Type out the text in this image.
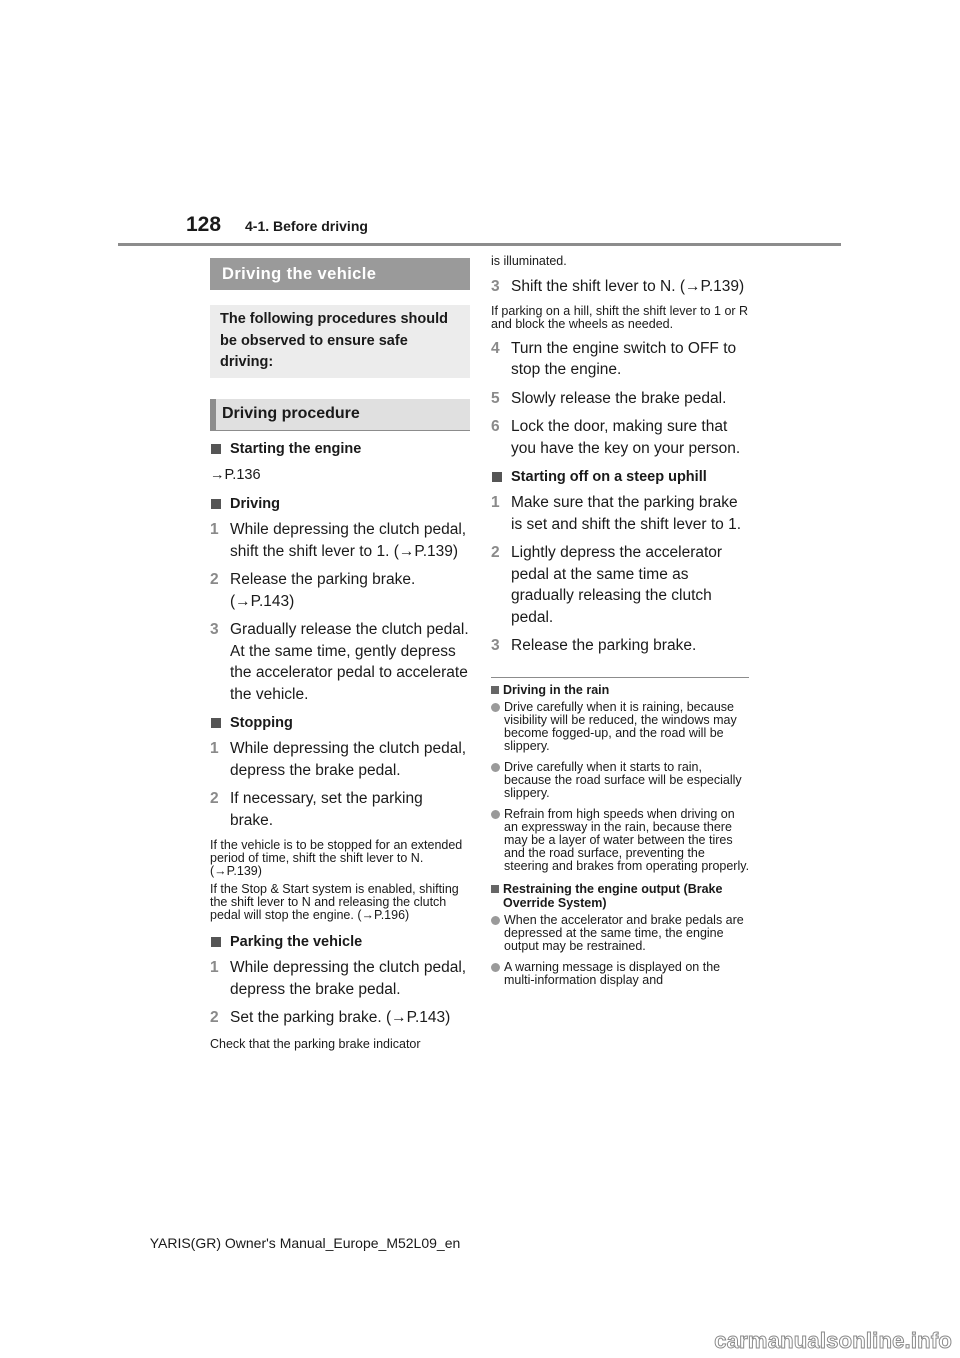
128 4-1. Before driving
Driving the vehicle
The following procedures should be observed to ensure safe driving:
Driving procedure
Starting the engine
→P.136
Driving
1 While depressing the clutch pedal, shift the shift lever to 1. (→P.139)
2 Release the parking brake. (→P.143)
3 Gradually release the clutch pedal. At the same time, gently depress the accelerator pedal to accelerate the vehicle.
Stopping
1 While depressing the clutch pedal, depress the brake pedal.
2 If necessary, set the parking brake.
If the vehicle is to be stopped for an extended period of time, shift the shift lever to N. (→P.139)
If the Stop & Start system is enabled, shifting the shift lever to N and releasing the clutch pedal will stop the engine. (→P.196)
Parking the vehicle
1 While depressing the clutch pedal, depress the brake pedal.
2 Set the parking brake. (→P.143)
Check that the parking brake indicator
is illuminated.
3 Shift the shift lever to N. (→P.139)
If parking on a hill, shift the shift lever to 1 or R and block the wheels as needed.
4 Turn the engine switch to OFF to stop the engine.
5 Slowly release the brake pedal.
6 Lock the door, making sure that you have the key on your person.
Starting off on a steep uphill
1 Make sure that the parking brake is set and shift the shift lever to 1.
2 Lightly depress the accelerator pedal at the same time as gradually releasing the clutch pedal.
3 Release the parking brake.
Driving in the rain
Drive carefully when it is raining, because visibility will be reduced, the windows may become fogged-up, and the road will be slippery.
Drive carefully when it starts to rain, because the road surface will be especially slippery.
Refrain from high speeds when driving on an expressway in the rain, because there may be a layer of water between the tires and the road surface, preventing the steering and brakes from operating properly.
Restraining the engine output (Brake Override System)
When the accelerator and brake pedals are depressed at the same time, the engine output may be restrained.
A warning message is displayed on the multi-information display and
YARIS(GR) Owner's Manual_Europe_M52L09_en
carmanualsonline.info
